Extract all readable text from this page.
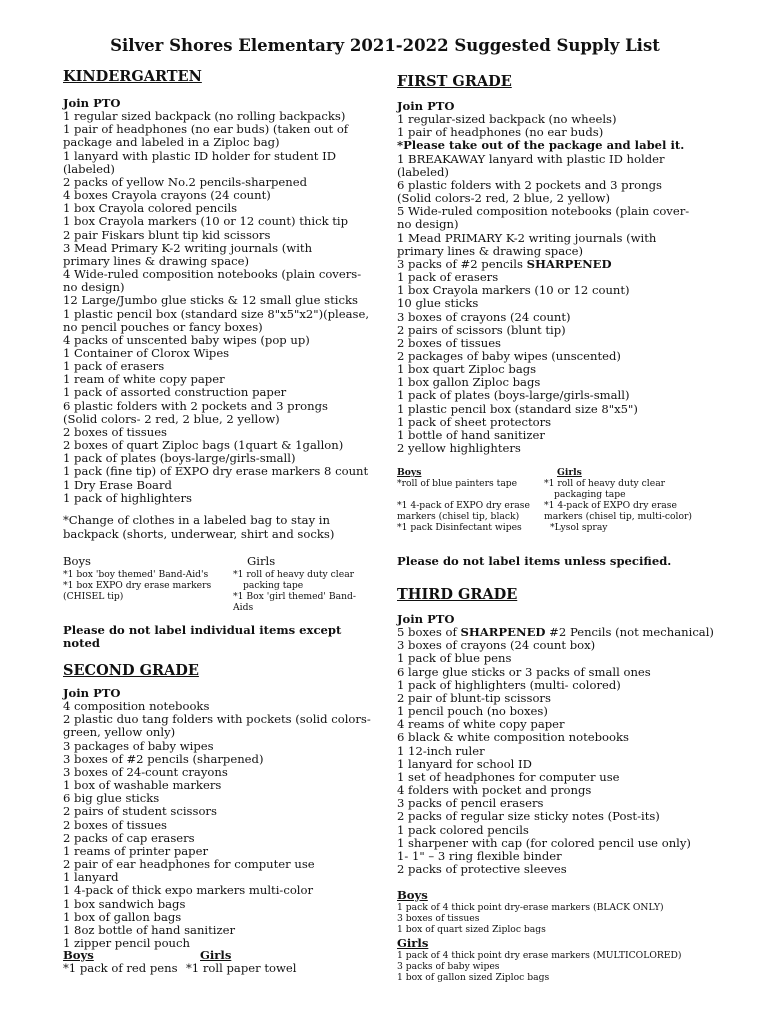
Silver Shores Elementary 2021-2022 Suggested Supply List
KINDERGARTEN
Join PTO
1 regular sized backpack (no rolling backpacks)
1 pair of headphones (no ear buds) (taken out of
package and labeled in a Ziploc bag)
1 lanyard with plastic ID holder for student ID
(labeled)
2 packs of yellow No.2 pencils-sharpened
4 boxes Crayola crayons (24 count)
1 box Crayola colored pencils
1 box Crayola markers (10 or 12 count) thick tip
2 pair Fiskars blunt tip kid scissors
3 Mead Primary K-2 writing journals (with
primary lines & drawing space)
4 Wide-ruled composition notebooks (plain covers-
no design)
12 Large/Jumbo glue sticks & 12 small glue sticks
1 plastic pencil box (standard size 8"x5"x2")(please,
no pencil pouches or fancy boxes)
4 packs of unscented baby wipes (pop up)
1 Container of Clorox Wipes
1 pack of erasers
1 ream of white copy paper
1 pack of assorted construction paper
6 plastic folders with 2 pockets and 3 prongs
(Solid colors- 2 red, 2 blue, 2 yellow)
2 boxes of tissues
2 boxes of quart Ziploc bags (1quart & 1gallon)
1 pack of plates (boys-large/girls-small)
1 pack (fine tip) of EXPO dry erase markers 8 count
1 Dry Erase Board
1 pack of highlighters
*Change of clothes in a labeled bag to stay in
backpack (shorts, underwear, shirt and socks)
Boys
*1 box 'boy themed' Band-Aid's
*1 box EXPO dry erase markers
(CHISEL tip)
Girls
*1 roll of heavy duty clear
packing tape
*1 Box 'girl themed' Band-
Aids
Please do not label individual items except
noted
SECOND GRADE
Join PTO
4 composition notebooks
2 plastic duo tang folders with pockets (solid colors-
green, yellow only)
3 packages of baby wipes
3 boxes of #2 pencils (sharpened)
3 boxes of 24-count crayons
1 box of washable markers
6 big glue sticks
2 pairs of student scissors
2 boxes of tissues
2 packs of cap erasers
1 reams of printer paper
2 pair of ear headphones for computer use
1 lanyard
1 4-pack of thick expo markers multi-color
1 box sandwich bags
1 box of gallon bags
1 8oz bottle of hand sanitizer
1 zipper pencil pouch
Boys
*1 pack of red pens
Girls
*1 roll paper towel
FIRST GRADE
Join PTO
1 regular-sized backpack (no wheels)
1 pair of headphones (no ear buds)
*Please take out of the package and label it.
1 BREAKAWAY lanyard with plastic ID holder
(labeled)
6 plastic folders with 2 pockets and 3 prongs
(Solid colors-2 red, 2 blue, 2 yellow)
5 Wide-ruled composition notebooks (plain cover-
no design)
1 Mead PRIMARY K-2 writing journals (with
primary lines & drawing space)
3 packs of #2 pencils SHARPENED
1 pack of erasers
1 box Crayola markers (10 or 12 count)
10 glue sticks
3 boxes of crayons (24 count)
2 pairs of scissors (blunt tip)
2 boxes of tissues
2 packages of baby wipes (unscented)
1 box quart Ziploc bags
1 box gallon Ziploc bags
1 pack of plates (boys-large/girls-small)
1 plastic pencil box (standard size 8"x5")
1 pack of sheet protectors
1 bottle of hand sanitizer
2 yellow highlighters
Boys
*roll of blue painters tape
*1 4-pack of EXPO dry erase
markers (chisel tip, black)
*1 pack Disinfectant wipes
Girls
*1 roll of heavy duty clear
packaging tape
*1 4-pack of EXPO dry erase
markers (chisel tip, multi-color)
*Lysol spray
Please do not label items unless specified.
THIRD GRADE
Join PTO
5 boxes of SHARPENED #2 Pencils (not mechanical)
3 boxes of crayons (24 count box)
1 pack of blue pens
6 large glue sticks or 3 packs of small ones
1 pack of highlighters (multi- colored)
2 pair of blunt-tip scissors
1 pencil pouch (no boxes)
4 reams of white copy paper
6 black & white composition notebooks
1 12-inch ruler
1 lanyard for school ID
1 set of headphones for computer use
4 folders with pocket and prongs
3 packs of pencil erasers
2 packs of regular size sticky notes (Post-its)
1 pack colored pencils
1 sharpener with cap (for colored pencil use only)
1- 1" – 3 ring flexible binder
2 packs of protective sleeves
Boys
1 pack of 4 thick point dry-erase markers (BLACK ONLY)
3 boxes of tissues
1 box of quart sized Ziploc bags
Girls
1 pack of 4 thick point dry erase markers (MULTICOLORED)
3 packs of baby wipes
1 box of gallon sized Ziploc bags
